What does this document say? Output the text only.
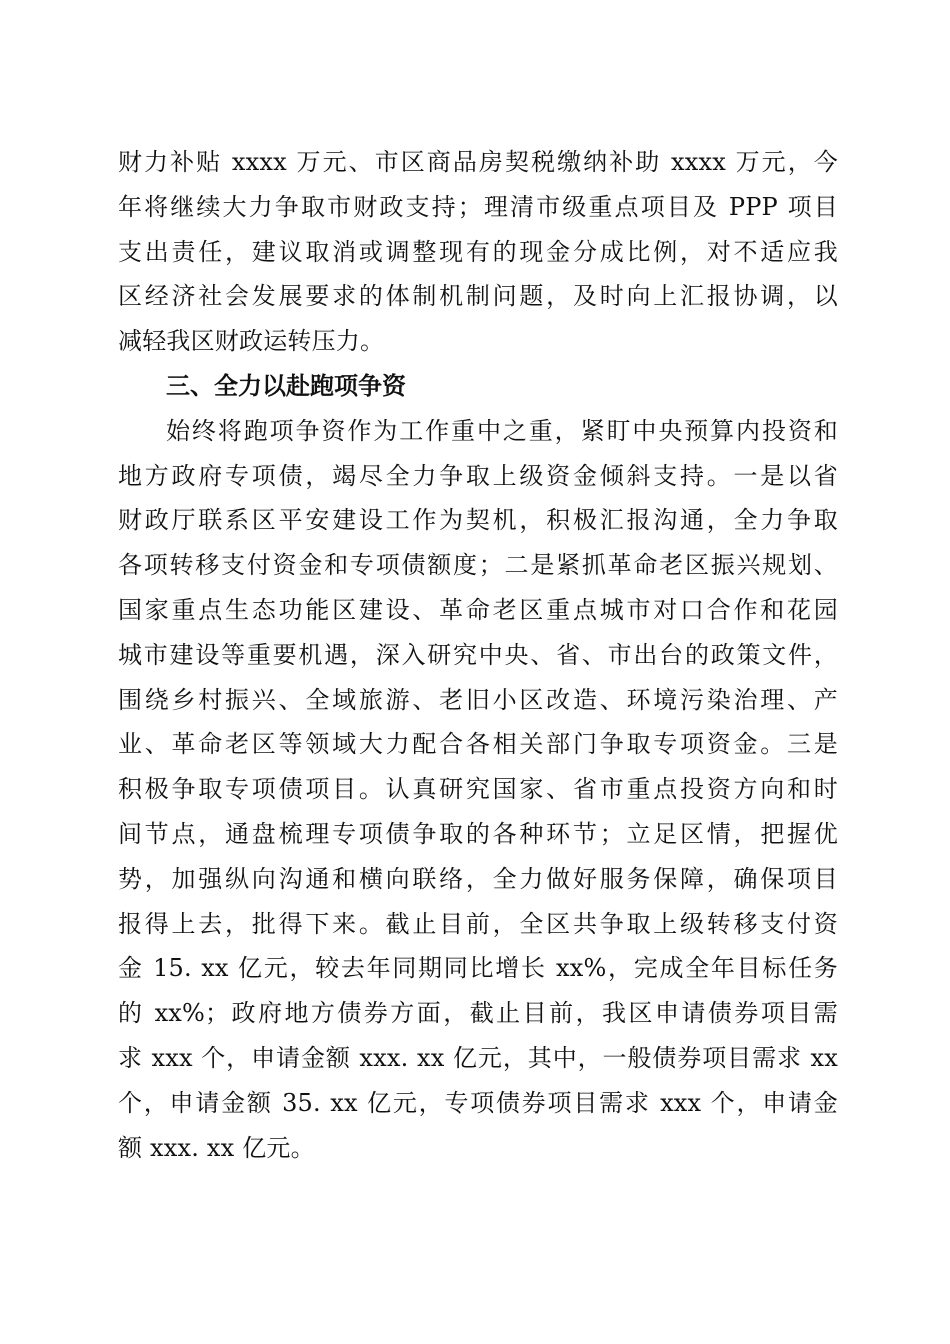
财力补贴 xxxx 万元、市区商品房契税缴纳补助 xxxx 万元，今
年将继续大力争取市财政支持；理清市级重点项目及 PPP 项目
支出责任，建议取消或调整现有的现金分成比例，对不适应我
区经济社会发展要求的体制机制问题，及时向上汇报协调，以
减轻我区财政运转压力。
三、全力以赴跑项争资
始终将跑项争资作为工作重中之重，紧盯中央预算内投资和
地方政府专项债，竭尽全力争取上级资金倾斜支持。一是以省
财政厅联系区平安建设工作为契机，积极汇报沟通，全力争取
各项转移支付资金和专项债额度；二是紧抓革命老区振兴规划、
国家重点生态功能区建设、革命老区重点城市对口合作和花园
城市建设等重要机遇，深入研究中央、省、市出台的政策文件，
围绕乡村振兴、全域旅游、老旧小区改造、环境污染治理、产
业、革命老区等领域大力配合各相关部门争取专项资金。三是
积极争取专项债项目。认真研究国家、省市重点投资方向和时
间节点，通盘梳理专项债争取的各种环节；立足区情，把握优
势，加强纵向沟通和横向联络，全力做好服务保障，确保项目
报得上去，批得下来。截止目前，全区共争取上级转移支付资
金 15. xx 亿元，较去年同期同比增长 xx%，完成全年目标任务
的 xx%；政府地方债券方面，截止目前，我区申请债券项目需
求 xxx 个，申请金额 xxx. xx 亿元，其中，一般债券项目需求 xx
个，申请金额 35. xx 亿元，专项债券项目需求 xxx 个，申请金
额 xxx. xx 亿元。
